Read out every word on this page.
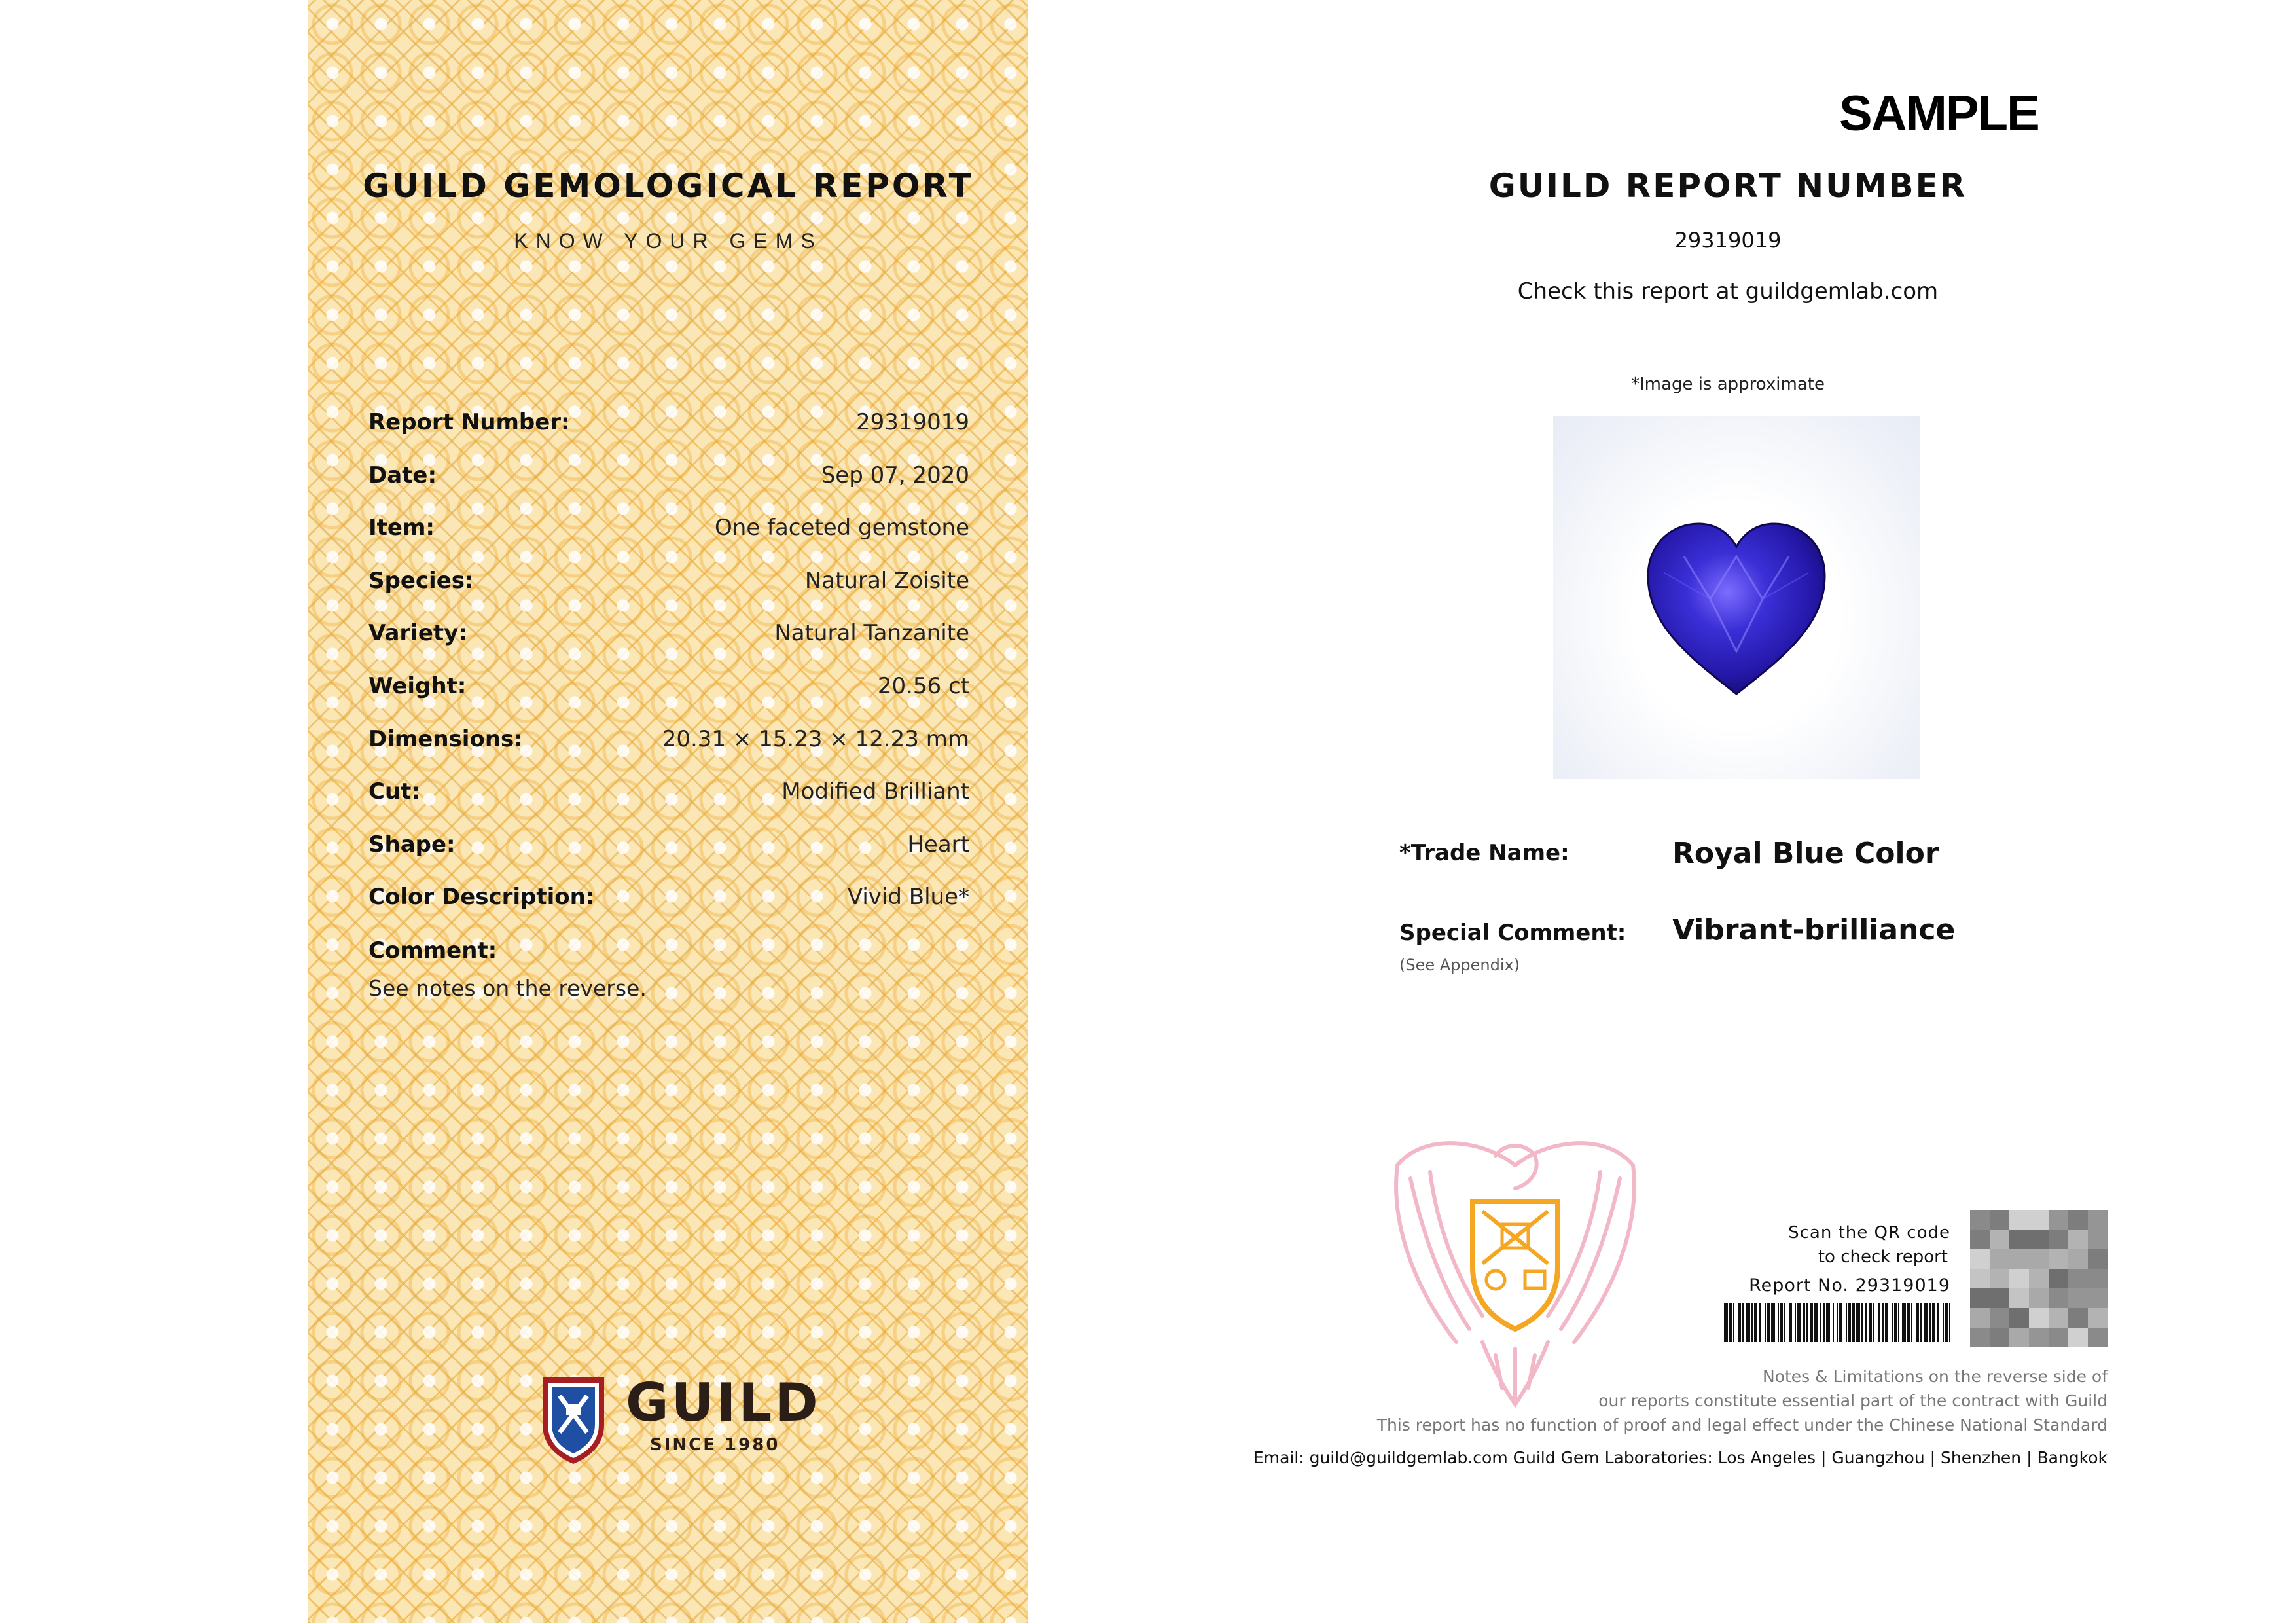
GUILD GEMOLOGICAL REPORT
KNOW YOUR GEMS
Report Number:	29319019
Date:	Sep 07, 2020
Item:	One faceted gemstone
Species:	Natural Zoisite
Variety:	Natural Tanzanite
Weight:	20.56 ct
Dimensions:	20.31 × 15.23 × 12.23 mm
Cut:	Modified Brilliant
Shape:	Heart
Color Description:	Vivid Blue*
Comment:
See notes on the reverse.
GUILD
SINCE 1980
SAMPLE
GUILD REPORT NUMBER
29319019
Check this report at guildgemlab.com
*Image is approximate
*Trade Name:	Royal Blue Color
Special Comment: Vibrant-brilliance
(See Appendix)
Scan the QR code
to check report
Report No. 29319019
Notes & Limitations on the reverse side of
our reports constitute essential part of the contract with Guild
This report has no function of proof and legal effect under the Chinese National Standard
Email: guild@guildgemlab.com Guild Gem Laboratories: Los Angeles | Guangzhou | Shenzhen | Bangkok
